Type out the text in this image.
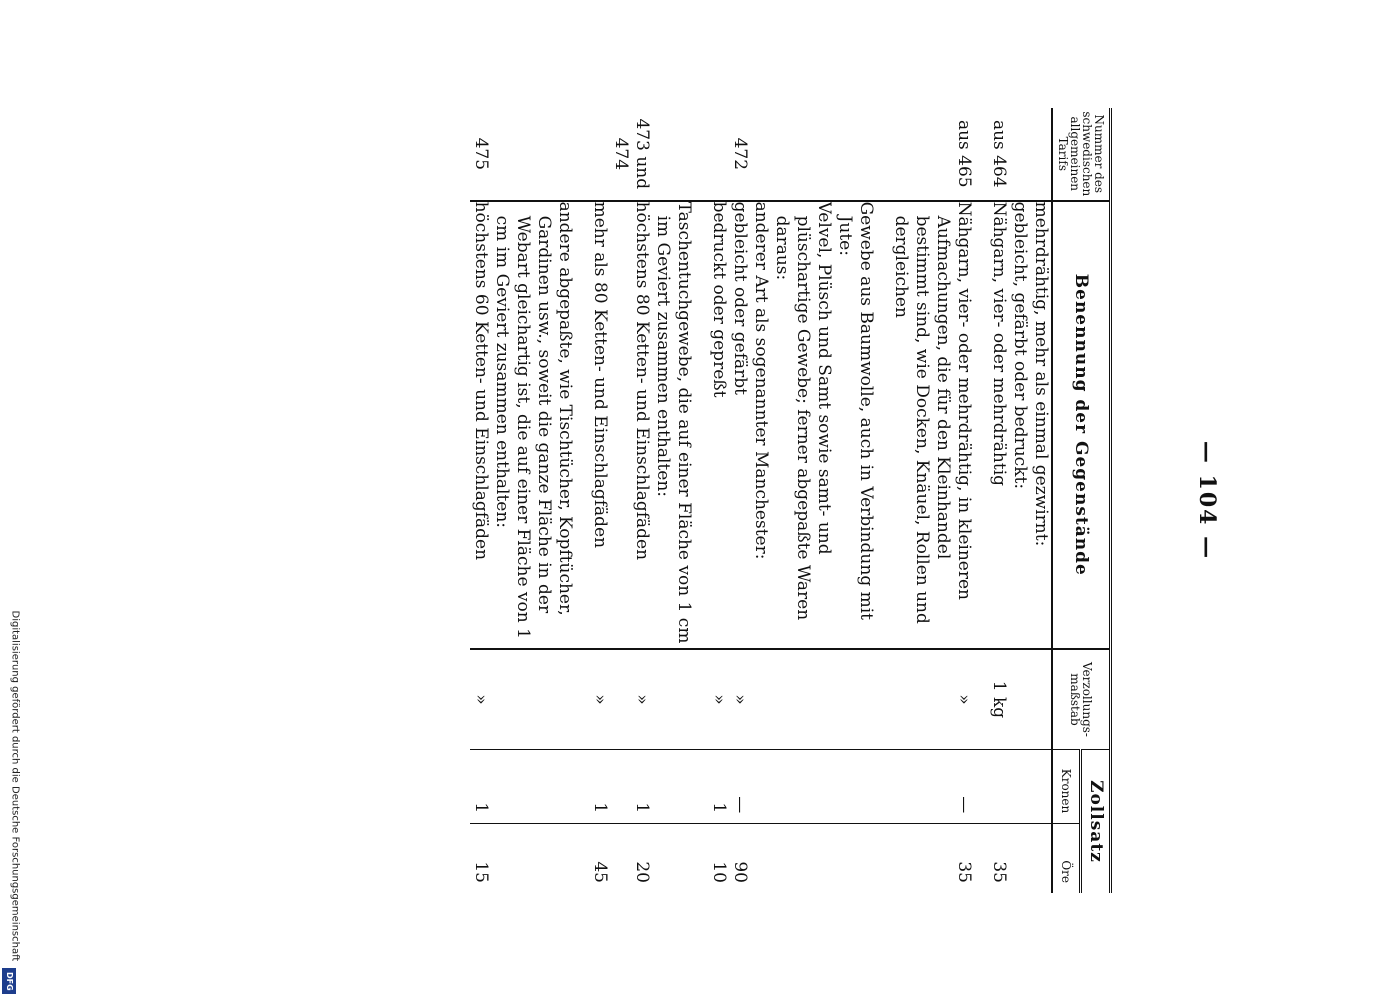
— 104 —
Nummer des schwedischen allgemeinen Tarifs	Benennung der Gegenstände	Verzollungs-maßstab	Zollsatz	
			Kronen	Öre
	mehrdrähtig, mehr als einmal gezwirnt:			
	gebleicht, gefärbt oder bedruckt:			
aus 464	Nähgarn, vier- oder mehrdrähtig	1 kg		35

aus 465	Nähgarn, vier- oder mehrdrähtig, in kleineren Aufmachungen, die für den Kleinhandel bestimmt sind, wie Docken, Knäuel, Rollen und dergleichen	»	—	35

	Gewebe aus Baumwolle, auch in Verbindung mit Jute:			
	Velvel, Plüsch und Samt sowie samt- und plüschartige Gewebe; ferner abgepaßte Waren daraus:			
	anderer Art als sogenannter Manchester:			
472	gebleicht oder gefärbt	»	—	90
	bedruckt oder gepreßt	»	1	10

	Taschentuchgewebe, die auf einer Fläche von 1 cm im Geviert zusammen enthalten:			
473 und 474	höchstens 80 Ketten- und Einschlagfäden	»	1	20
	mehr als 80 Ketten- und Einschlagfäden	»	1	45

	andere abgepaßte, wie Tischtücher, Kopftücher, Gardinen usw., soweit die ganze Fläche in der Webart gleichartig ist, die auf einer Fläche von 1 cm im Geviert zusammen enthalten:			
475	höchstens 60 Ketten- und Einschlagfäden	»	1	15
Digitalisierung gefördert durch die Deutsche Forschungsgemeinschaft
DFG
